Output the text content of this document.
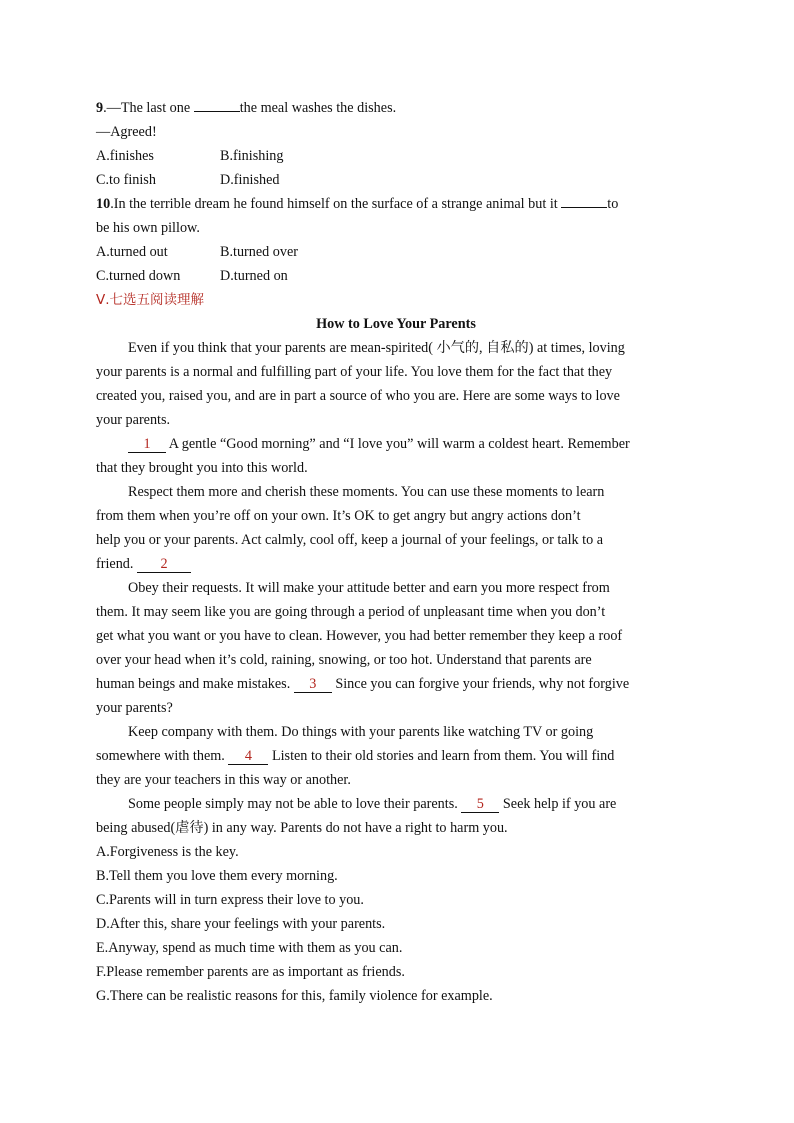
9.—The last one	the meal washes the dishes.
—Agreed!
A.finishes	B.finishing
C.to finish	D.finished
10.In the terrible dream he found himself on the surface of a strange animal but it	to
be his own pillow.
A.turned out	B.turned over
C.turned down	D.turned on
Ⅴ.七选五阅读理解
How to Love Your Parents
Even if you think that your parents are mean-spirited( 小气的, 自私的) at times, loving
your parents is a normal and fulfilling part of your life. You love them for the fact that they
created you, raised you, and are in part a source of who you are. Here are some ways to love
your parents.
1 A gentle “Good morning” and “I love you” will warm a coldest heart. Remember
that they brought you into this world.
Respect them more and cherish these moments. You can use these moments to learn
from them when you’re off on your own. It’s OK to get angry but angry actions don’t
help you or your parents. Act calmly, cool off, keep a journal of your feelings, or talk to a
friend. 2
Obey their requests. It will make your attitude better and earn you more respect from
them. It may seem like you are going through a period of unpleasant time when you don’t
get what you want or you have to clean. However, you had better remember they keep a roof
over your head when it’s cold, raining, snowing, or too hot. Understand that parents are
human beings and make mistakes. 3 Since you can forgive your friends, why not forgive
your parents?
Keep company with them. Do things with your parents like watching TV or going
somewhere with them. 4 Listen to their old stories and learn from them. You will find
they are your teachers in this way or another.
Some people simply may not be able to love their parents. 5 Seek help if you are
being abused(虐待) in any way. Parents do not have a right to harm you.
A.Forgiveness is the key.
B.Tell them you love them every morning.
C.Parents will in turn express their love to you.
D.After this, share your feelings with your parents.
E.Anyway, spend as much time with them as you can.
F.Please remember parents are as important as friends.
G.There can be realistic reasons for this, family violence for example.
